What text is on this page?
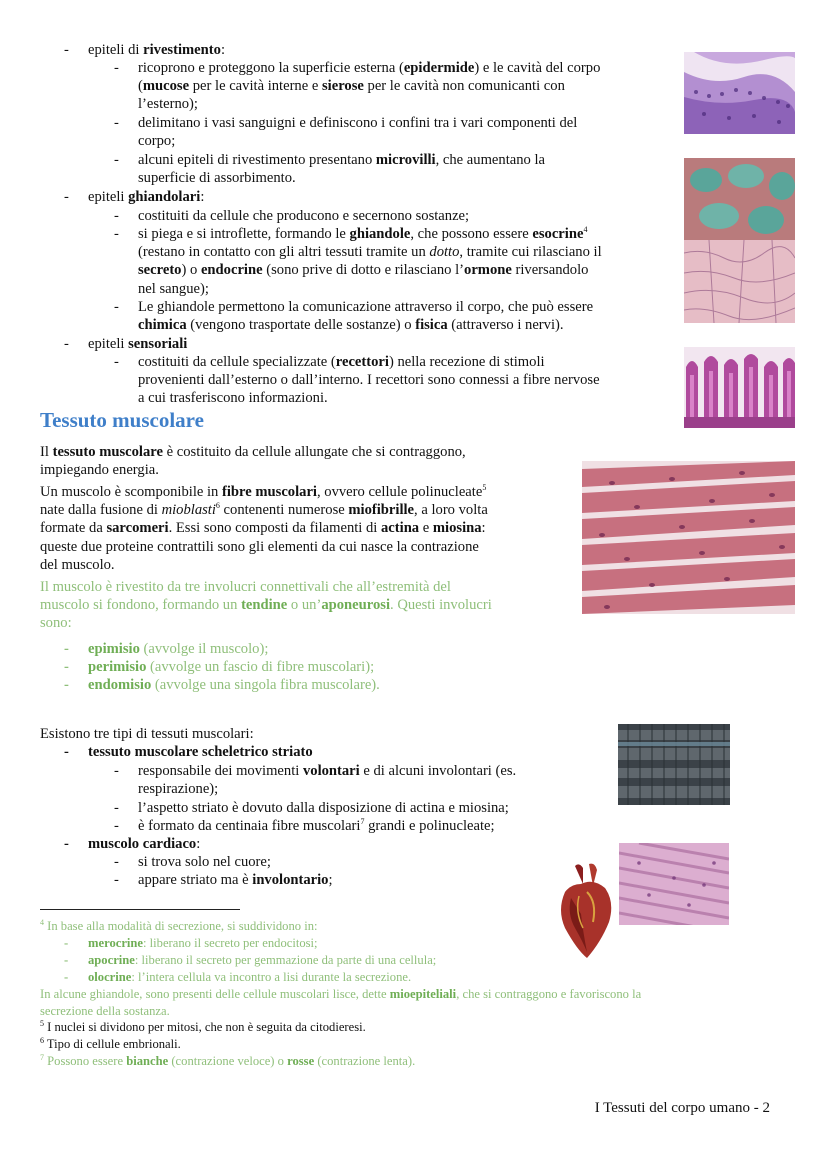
- epiteli di rivestimento:
- ricoprono e proteggono la superficie esterna (epidermide) e le cavità del corpo
(mucose per le cavità interne e sierose per le cavità non comunicanti con
l’esterno);
- delimitano i vasi sanguigni e definiscono i confini tra i vari componenti del
corpo;
- alcuni epiteli di rivestimento presentano microvilli, che aumentano la
superficie di assorbimento.
- epiteli ghiandolari:
- costituiti da cellule che producono e secernono sostanze;
- si piega e si introflette, formando le ghiandole, che possono essere esocrine$^4$
(restano in contatto con gli altri tessuti tramite un dotto, tramite cui rilasciano il
secreto) o endocrine (sono prive di dotto e rilasciano l’ormone riversandolo
nel sangue);
- Le ghiandole permettono la comunicazione attraverso il corpo, che può essere
chimica (vengono trasportate delle sostanze) o fisica (attraverso i nervi).
- epiteli sensoriali
- costituiti da cellule specializzate (recettori) nella recezione di stimoli
provenienti dall’esterno o dall’interno. I recettori sono connessi a fibre nervose
a cui trasferiscono informazioni.
Tessuto muscolare
Il tessuto muscolare è costituito da cellule allungate che si contraggono,
impiegando energia.
Un muscolo è scomponibile in fibre muscolari, ovvero cellule polinucleate$^5$
nate dalla fusione di mioblasti$^6$ contenenti numerose miofibrille, a loro volta
formate da sarcomeri. Essi sono composti da filamenti di actina e miosina:
queste due proteine contrattili sono gli elementi da cui nasce la contrazione
del muscolo.
Il muscolo è rivestito da tre involucri connettivali che all’estremità del
muscolo si fondono, formando un tendine o un’aponeurosi. Questi involucri
sono:
- epimisio (avvolge il muscolo);
- perimisio (avvolge un fascio di fibre muscolari);
- endomisio (avvolge una singola fibra muscolare).
Esistono tre tipi di tessuti muscolari:
- tessuto muscolare scheletrico striato
- responsabile dei movimenti volontari e di alcuni involontari (es.
respirazione);
- l’aspetto striato è dovuto dalla disposizione di actina e miosina;
- è formato da centinaia fibre muscolari$^7$ grandi e polinucleate;
- muscolo cardiaco:
- si trova solo nel cuore;
- appare striato ma è involontario;
$^4$ In base alla modalità di secrezione, si suddividono in:
- merocrine: liberano il secreto per endocitosi;
- apocrine: liberano il secreto per gemmazione da parte di una cellula;
- olocrine: l’intera cellula va incontro a lisi durante la secrezione.
In alcune ghiandole, sono presenti delle cellule muscolari lisce, dette mioepiteliali, che si contraggono e favoriscono la
secrezione della sostanza.
$^5$ I nuclei si dividono per mitosi, che non è seguita da citodieresi.
$^6$ Tipo di cellule embrionali.
$^7$ Possono essere bianche (contrazione veloce) o rosse (contrazione lenta).
I Tessuti del corpo umano - 2
